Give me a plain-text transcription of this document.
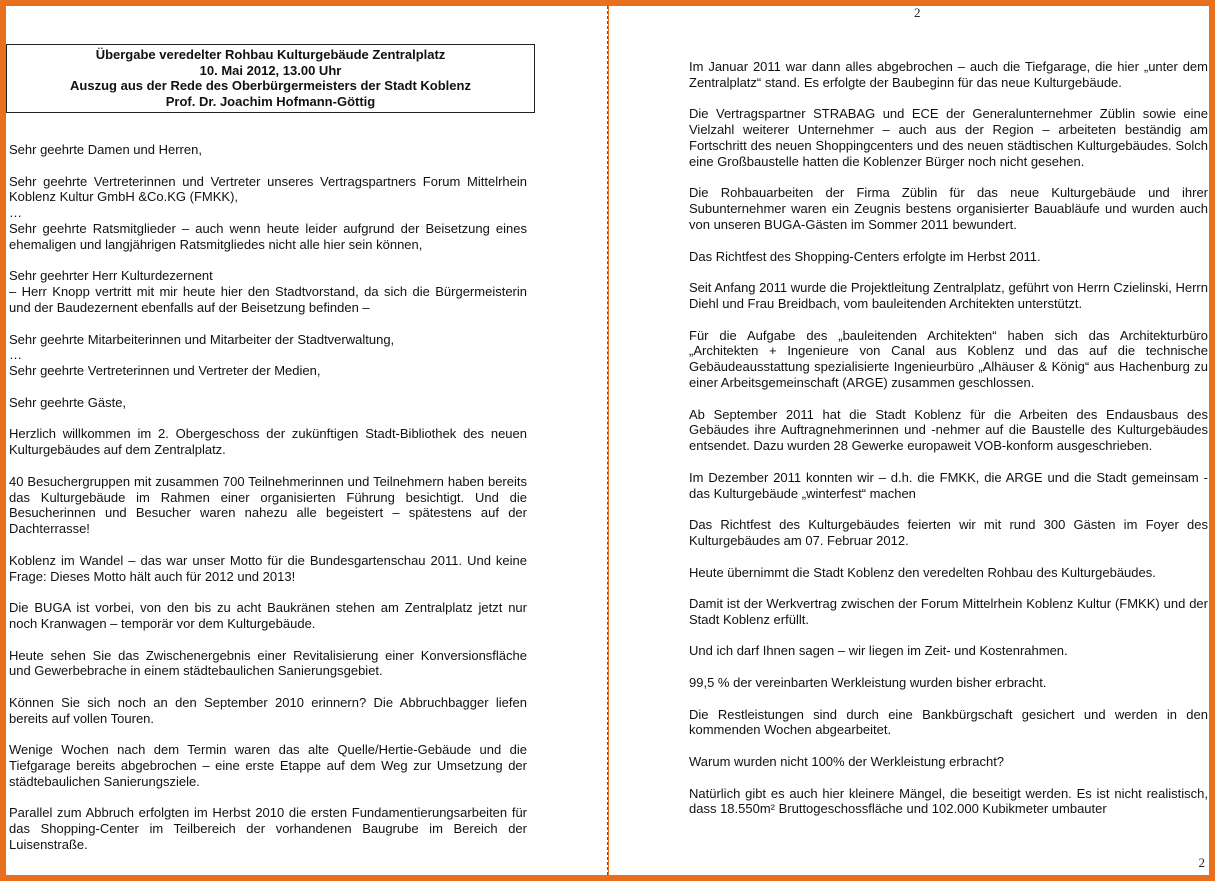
Übergabe veredelter Rohbau Kulturgebäude Zentralplatz
10. Mai 2012, 13.00 Uhr
Auszug aus der Rede des Oberbürgermeisters der Stadt Koblenz
Prof. Dr. Joachim Hofmann-Göttig

Sehr geehrte Damen und Herren,

Sehr geehrte Vertreterinnen und Vertreter unseres Vertragspartners Forum Mittelrhein Koblenz Kultur GmbH &Co.KG (FMKK),
…
Sehr geehrte Ratsmitglieder – auch wenn heute leider aufgrund der Beisetzung eines ehemaligen und langjährigen Ratsmitgliedes nicht alle hier sein können,

Sehr geehrter Herr Kulturdezernent
– Herr Knopp vertritt mit mir heute hier den Stadtvorstand, da sich die Bürgermeisterin und der Baudezernent ebenfalls auf der Beisetzung befinden –

Sehr geehrte Mitarbeiterinnen und Mitarbeiter der Stadtverwaltung,
…
Sehr geehrte Vertreterinnen und Vertreter der Medien,

Sehr geehrte Gäste,

Herzlich willkommen im 2. Obergeschoss der zukünftigen Stadt-Bibliothek des neuen Kulturgebäudes auf dem Zentralplatz.

40 Besuchergruppen mit zusammen 700 Teilnehmerinnen und Teilnehmern haben bereits das Kulturgebäude im Rahmen einer organisierten Führung besichtigt. Und die Besucherinnen und Besucher waren nahezu alle begeistert – spätestens auf der Dachterrasse!

Koblenz im Wandel – das war unser Motto für die Bundesgartenschau 2011. Und keine Frage: Dieses Motto hält auch für 2012 und 2013!

Die BUGA ist vorbei, von den bis zu acht Baukränen stehen am Zentralplatz jetzt nur noch Kranwagen – temporär vor dem Kulturgebäude.

Heute sehen Sie das Zwischenergebnis einer Revitalisierung einer Konversionsfläche und Gewerbebrache in einem städtebaulichen Sanierungsgebiet.

Können Sie sich noch an den September 2010 erinnern? Die Abbruchbagger liefen bereits auf vollen Touren.

Wenige Wochen nach dem Termin waren das alte Quelle/Hertie-Gebäude und die Tiefgarage bereits abgebrochen – eine erste Etappe auf dem Weg zur Umsetzung der städtebaulichen Sanierungsziele.

Parallel zum Abbruch erfolgten im Herbst 2010 die ersten Fundamentierungsarbeiten für das Shopping-Center im Teilbereich der vorhandenen Baugrube im Bereich der Luisenstraße.

2

Im Januar 2011 war dann alles abgebrochen – auch die Tiefgarage, die hier „unter dem Zentralplatz“ stand. Es erfolgte der Baubeginn für das neue Kulturgebäude.

Die Vertragspartner STRABAG und ECE der Generalunternehmer Züblin sowie eine Vielzahl weiterer Unternehmer – auch aus der Region – arbeiteten beständig am Fortschritt des neuen Shoppingcenters und des neuen städtischen Kulturgebäudes. Solch eine Großbaustelle hatten die Koblenzer Bürger noch nicht gesehen.

Die Rohbauarbeiten der Firma Züblin für das neue Kulturgebäude und ihrer Subunternehmer waren ein Zeugnis bestens organisierter Bauabläufe und wurden auch von unseren BUGA-Gästen im Sommer 2011 bewundert.

Das Richtfest des Shopping-Centers erfolgte im Herbst 2011.

Seit Anfang 2011 wurde die Projektleitung Zentralplatz, geführt von Herrn Czielinski, Herrn Diehl und Frau Breidbach, vom bauleitenden Architekten unterstützt.

Für die Aufgabe des „bauleitenden Architekten“ haben sich das Architekturbüro „Architekten + Ingenieure von Canal aus Koblenz und das auf die technische Gebäudeausstattung spezialisierte Ingenieurbüro „Alhäuser & König“ aus Hachenburg zu einer Arbeitsgemeinschaft (ARGE) zusammen geschlossen.

Ab September 2011 hat die Stadt Koblenz für die Arbeiten des Endausbaus des Gebäudes ihre Auftragnehmerinnen und -nehmer auf die Baustelle des Kulturgebäudes entsendet. Dazu wurden 28 Gewerke europaweit VOB-konform ausgeschrieben.

Im Dezember 2011 konnten wir – d.h. die FMKK, die ARGE und die Stadt gemeinsam - das Kulturgebäude „winterfest“ machen

Das Richtfest des Kulturgebäudes feierten wir mit rund 300 Gästen im Foyer des Kulturgebäudes am 07. Februar 2012.

Heute übernimmt die Stadt Koblenz den veredelten Rohbau des Kulturgebäudes.

Damit ist der Werkvertrag zwischen der Forum Mittelrhein Koblenz Kultur (FMKK) und der Stadt Koblenz erfüllt.

Und ich darf Ihnen sagen – wir liegen im Zeit- und Kostenrahmen.

99,5 % der vereinbarten Werkleistung wurden bisher erbracht.

Die Restleistungen sind durch eine Bankbürgschaft gesichert und werden in den kommenden Wochen abgearbeitet.

Warum wurden nicht 100% der Werkleistung erbracht?

Natürlich gibt es auch hier kleinere Mängel, die beseitigt werden. Es ist nicht realistisch, dass 18.550m² Bruttogeschossfläche und 102.000 Kubikmeter umbauter

2
